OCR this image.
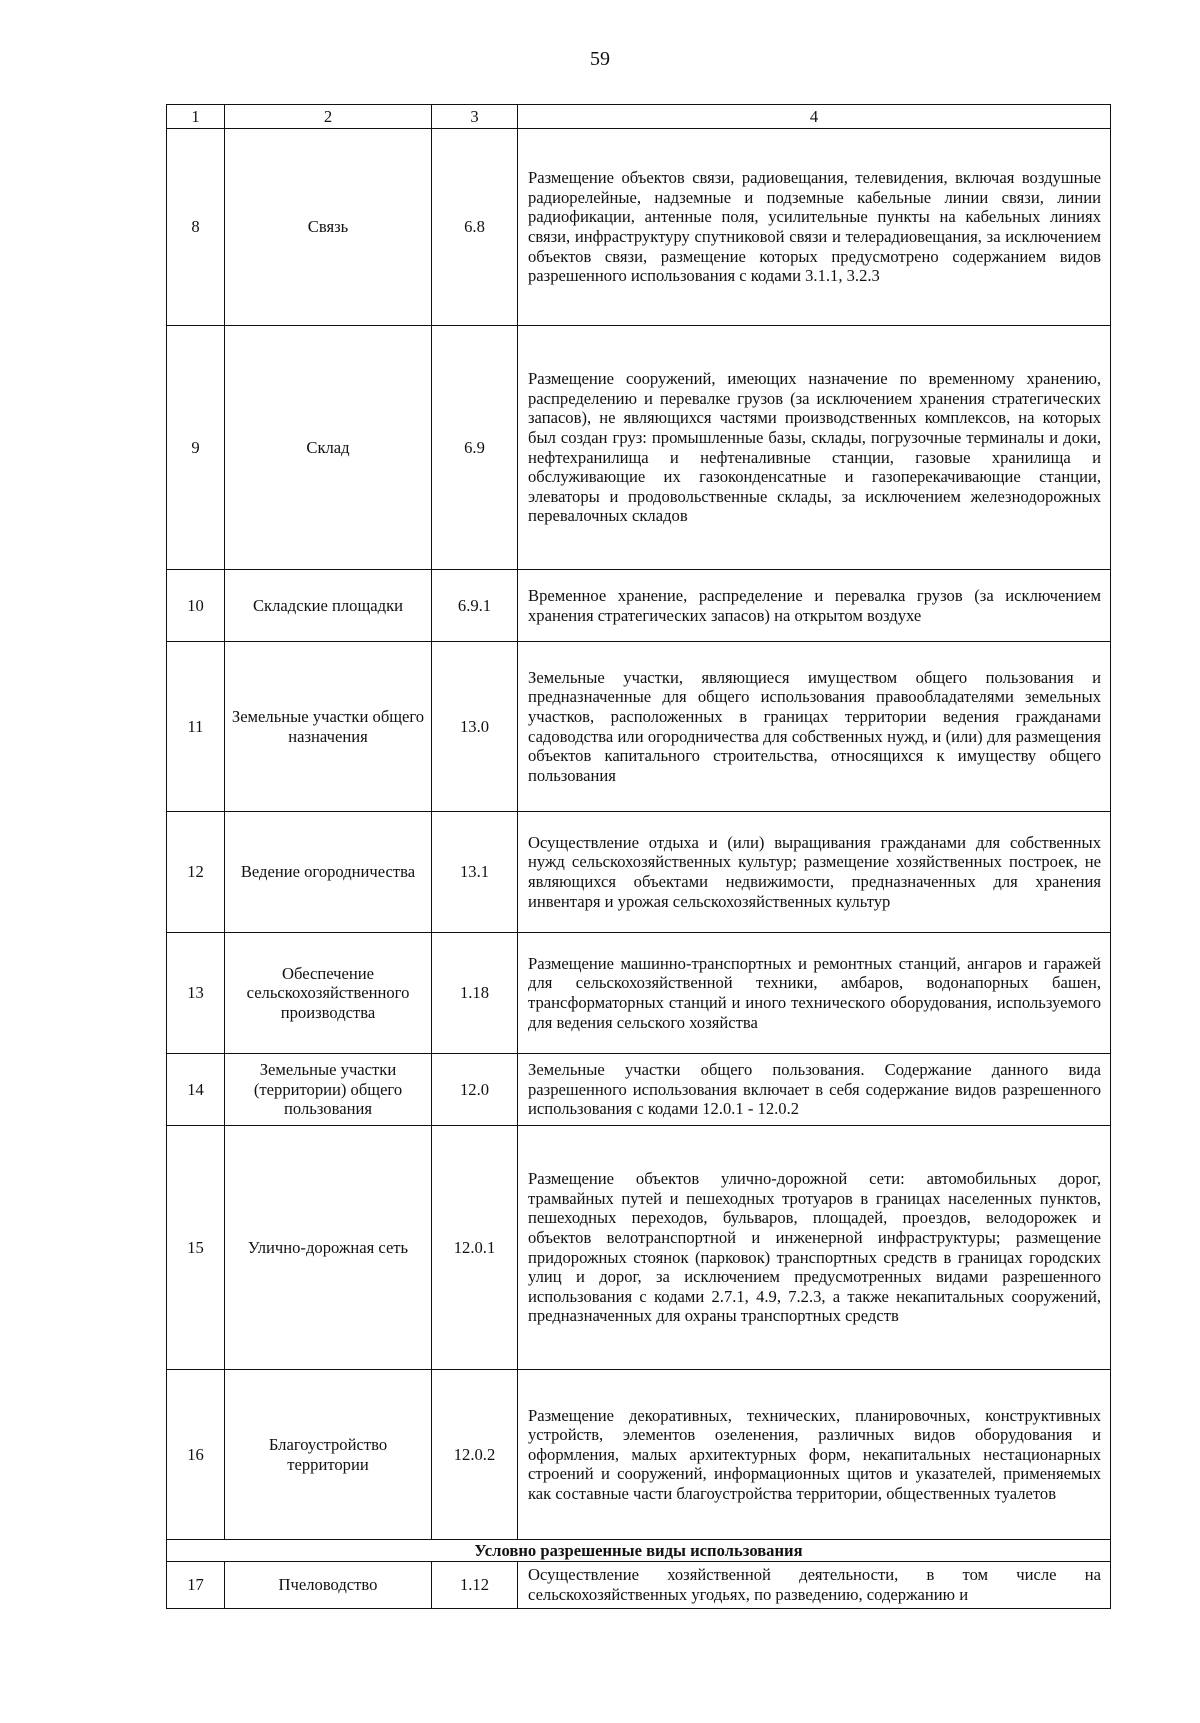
59
1	2	3	4
8	Связь	6.8	Размещение объектов связи, радиовещания, телевидения, включая воздушные радиорелейные, надземные и подземные кабельные линии связи, линии радиофикации, антенные поля, усилительные пункты на кабельных линиях связи, инфраструктуру спутниковой связи и телерадиовещания, за исключением объектов связи, размещение которых предусмотрено содержанием видов разрешенного использования с кодами 3.1.1, 3.2.3
9	Склад	6.9	Размещение сооружений, имеющих назначение по временному хранению, распределению и перевалке грузов (за исключением хранения стратегических запасов), не являющихся частями производственных комплексов, на которых был создан груз: промышленные базы, склады, погрузочные терминалы и доки, нефтехранилища и нефтеналивные станции, газовые хранилища и обслуживающие их газоконденсатные и газоперекачивающие станции, элеваторы и продовольственные склады, за исключением железнодорожных перевалочных складов
10	Складские площадки	6.9.1	Временное хранение, распределение и перевалка грузов (за исключением хранения стратегических запасов) на открытом воздухе
11	Земельные участки общего назначения	13.0	Земельные участки, являющиеся имуществом общего пользования и предназначенные для общего использования правообладателями земельных участков, расположенных в границах территории ведения гражданами садоводства или огородничества для собственных нужд, и (или) для размещения объектов капитального строительства, относящихся к имуществу общего пользования
12	Ведение огородничества	13.1	Осуществление отдыха и (или) выращивания гражданами для собственных нужд сельскохозяйственных культур; размещение хозяйственных построек, не являющихся объектами недвижимости, предназначенных для хранения инвентаря и урожая сельскохозяйственных культур
13	Обеспечение сельскохозяйственного производства	1.18	Размещение машинно-транспортных и ремонтных станций, ангаров и гаражей для сельскохозяйственной техники, амбаров, водонапорных башен, трансформаторных станций и иного технического оборудования, используемого для ведения сельского хозяйства
14	Земельные участки (территории) общего пользования	12.0	Земельные участки общего пользования. Содержание данного вида разрешенного использования включает в себя содержание видов разрешенного использования с кодами 12.0.1 - 12.0.2
15	Улично-дорожная сеть	12.0.1	Размещение объектов улично-дорожной сети: автомобильных дорог, трамвайных путей и пешеходных тротуаров в границах населенных пунктов, пешеходных переходов, бульваров, площадей, проездов, велодорожек и объектов велотранспортной и инженерной инфраструктуры; размещение придорожных стоянок (парковок) транспортных средств в границах городских улиц и дорог, за исключением предусмотренных видами разрешенного использования с кодами 2.7.1, 4.9, 7.2.3, а также некапитальных сооружений, предназначенных для охраны транспортных средств
16	Благоустройство территории	12.0.2	Размещение декоративных, технических, планировочных, конструктивных устройств, элементов озеленения, различных видов оборудования и оформления, малых архитектурных форм, некапитальных нестационарных строений и сооружений, информационных щитов и указателей, применяемых как составные части благоустройства территории, общественных туалетов
Условно разрешенные виды использования			
17	Пчеловодство	1.12	Осуществление хозяйственной деятельности, в том числе на сельскохозяйственных угодьях, по разведению, содержанию и
